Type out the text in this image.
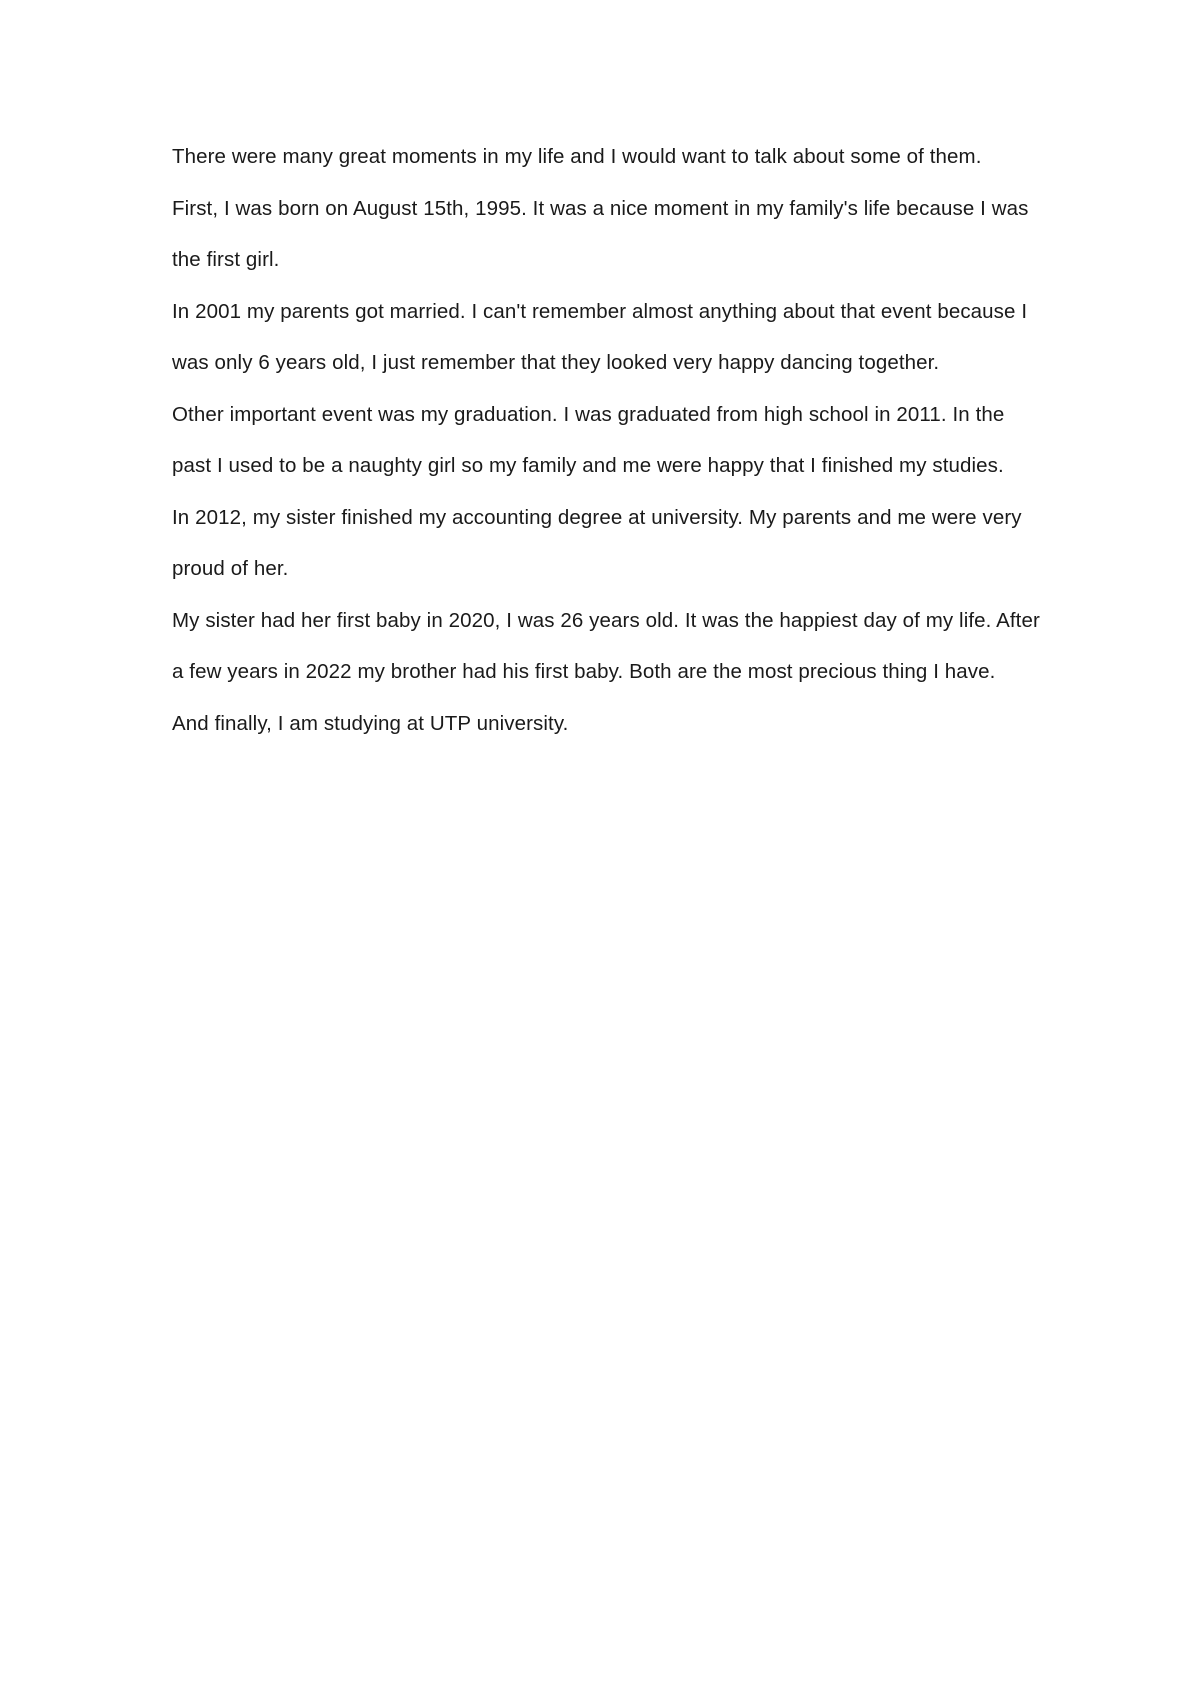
There were many great moments in my life and I would want to talk about some of them.

First, I was born on August 15th, 1995. It was a nice moment in my family's life because I was the first girl.

In 2001 my parents got married. I can't remember almost anything about that event because I was only 6 years old, I just remember that they looked very happy dancing together.

Other important event was my graduation. I was graduated from high school in 2011. In the past I used to be a naughty girl so my family and me were happy that I finished my studies.

In 2012, my sister finished my accounting degree at university. My parents and me were very proud of her.

My sister had her first baby in 2020, I was 26 years old. It was the happiest day of my life. After a few years in 2022 my brother had his first baby. Both are the most precious thing I have.

And finally, I am studying at UTP university.
